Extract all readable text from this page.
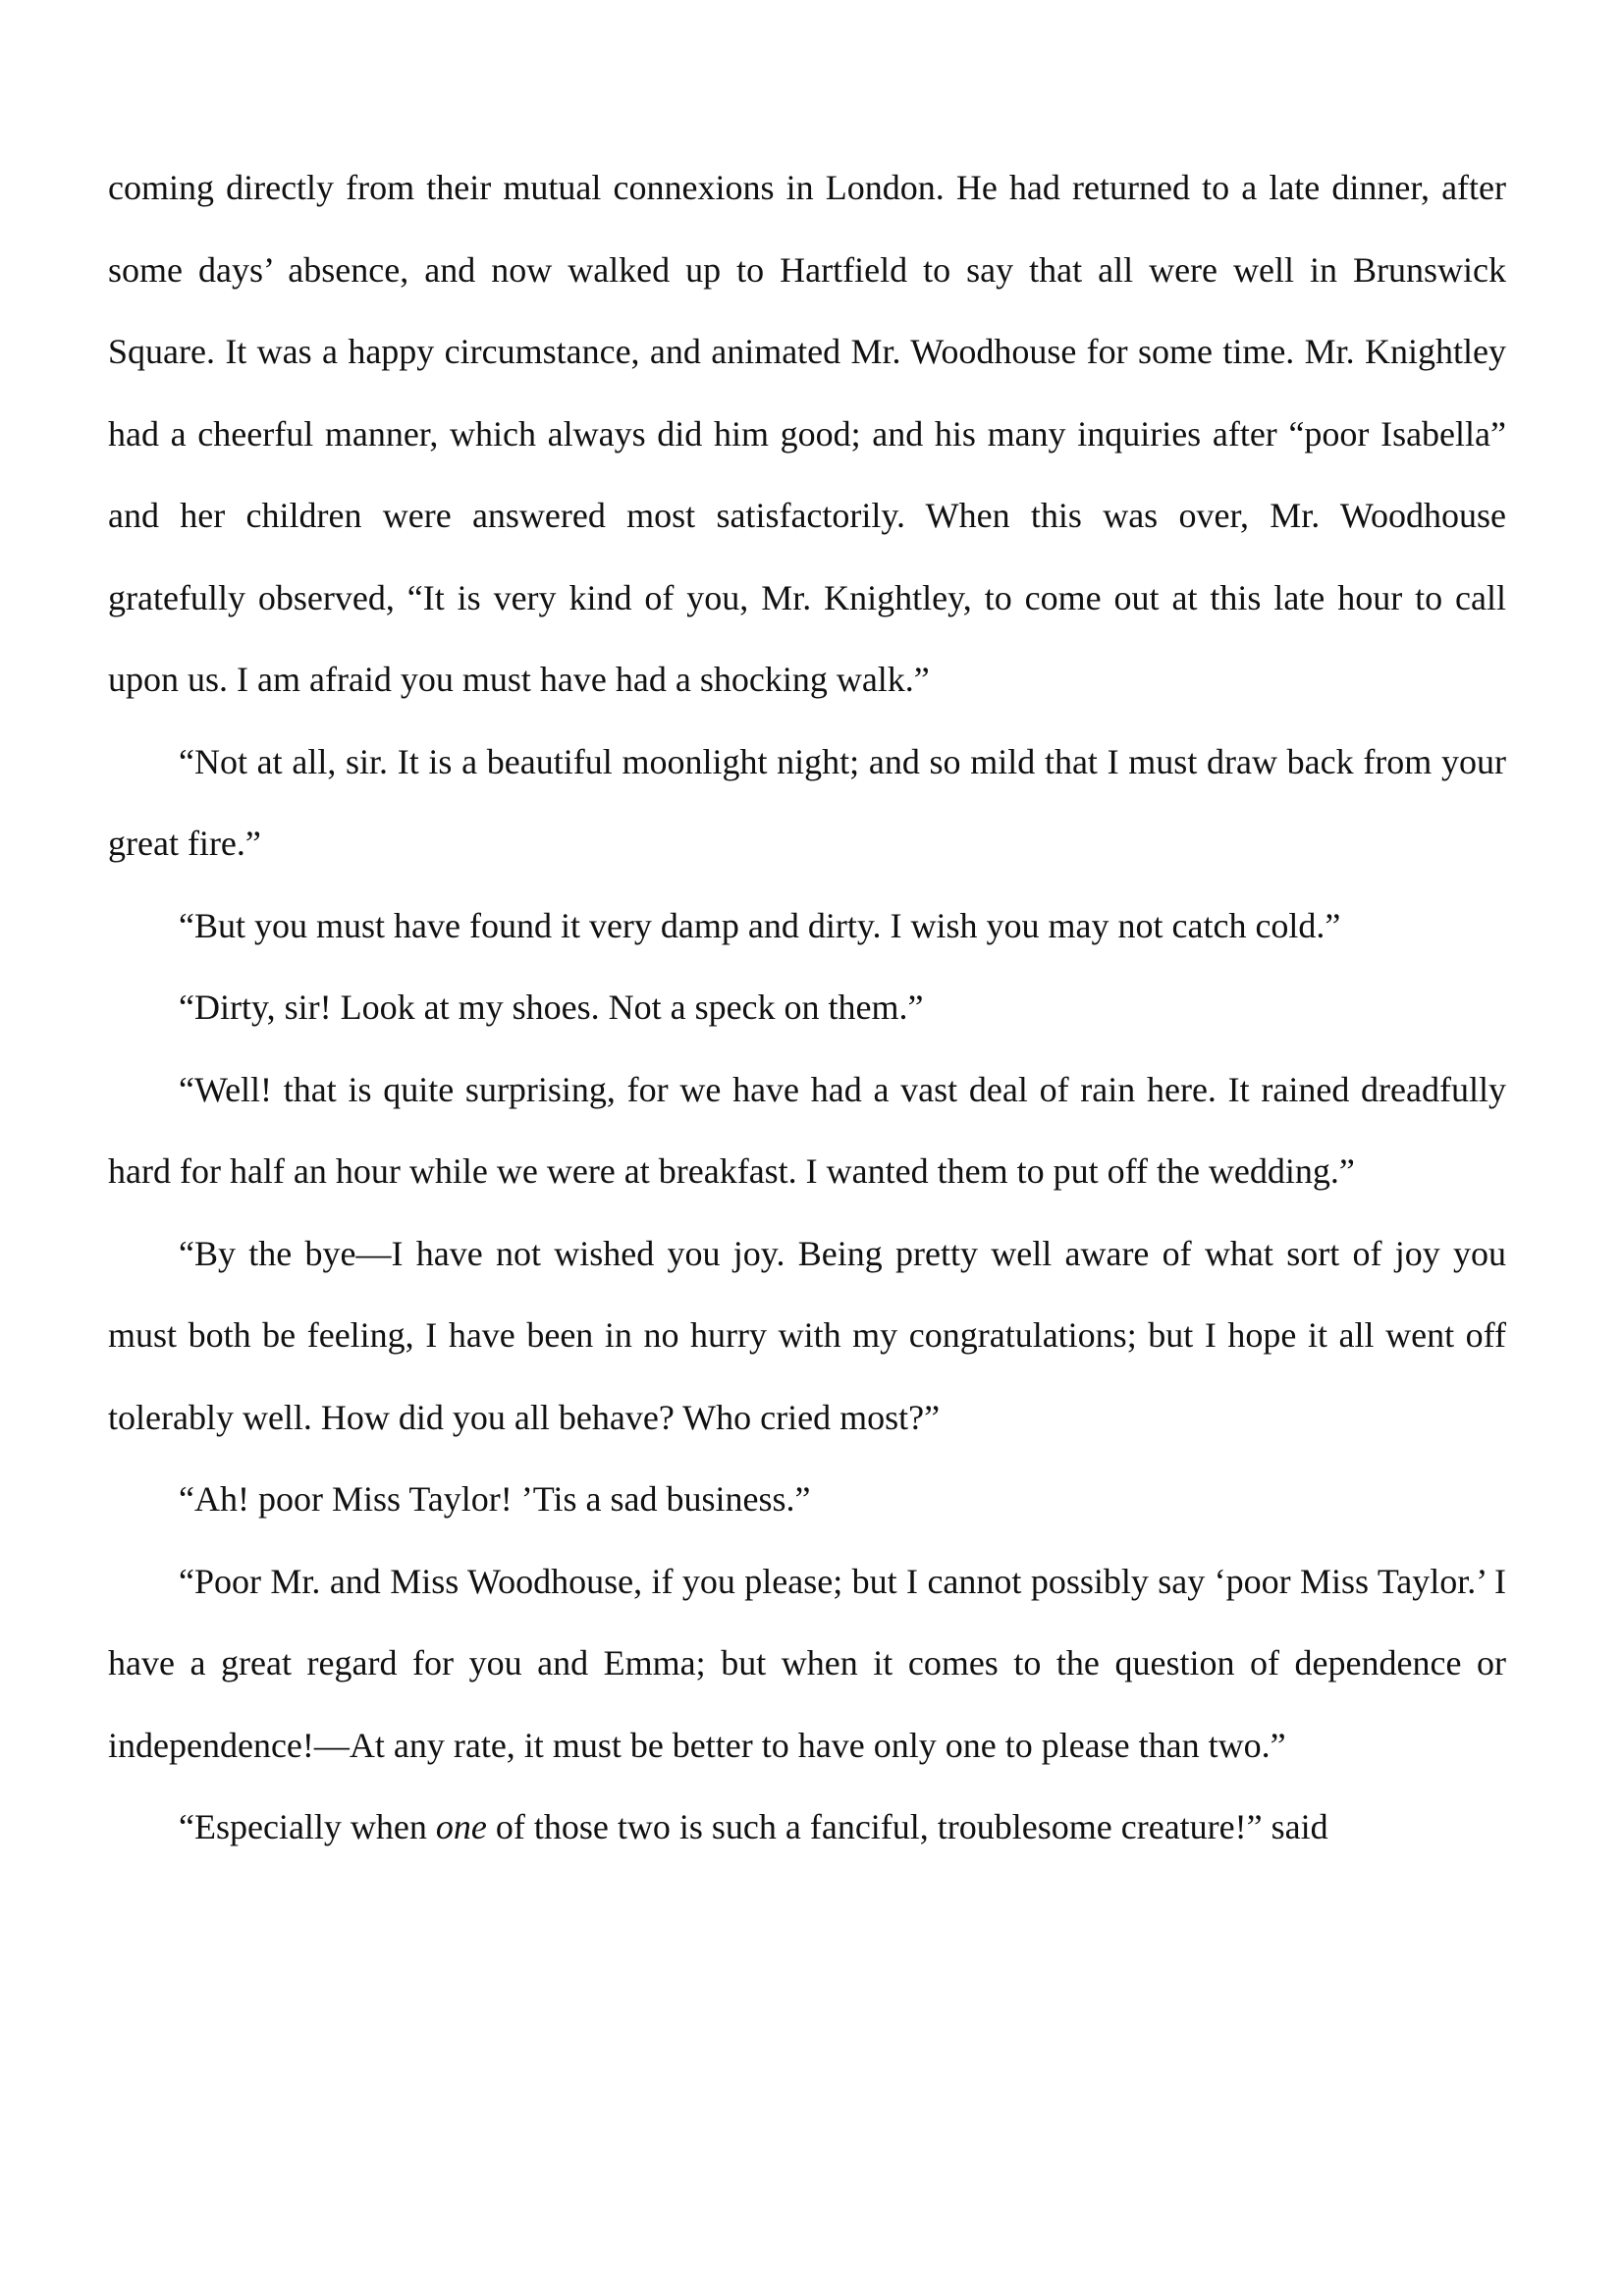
coming directly from their mutual connexions in London. He had returned to a late dinner, after some days’ absence, and now walked up to Hartfield to say that all were well in Brunswick Square. It was a happy circumstance, and animated Mr. Woodhouse for some time. Mr. Knightley had a cheerful manner, which always did him good; and his many inquiries after “poor Isabella” and her children were answered most satisfactorily. When this was over, Mr. Woodhouse gratefully observed, “It is very kind of you, Mr. Knightley, to come out at this late hour to call upon us. I am afraid you must have had a shocking walk.”

“Not at all, sir. It is a beautiful moonlight night; and so mild that I must draw back from your great fire.”

“But you must have found it very damp and dirty. I wish you may not catch cold.”

“Dirty, sir! Look at my shoes. Not a speck on them.”

“Well! that is quite surprising, for we have had a vast deal of rain here. It rained dreadfully hard for half an hour while we were at breakfast. I wanted them to put off the wedding.”

“By the bye—I have not wished you joy. Being pretty well aware of what sort of joy you must both be feeling, I have been in no hurry with my congratulations; but I hope it all went off tolerably well. How did you all behave? Who cried most?”

“Ah! poor Miss Taylor! ’Tis a sad business.”

“Poor Mr. and Miss Woodhouse, if you please; but I cannot possibly say ‘poor Miss Taylor.’ I have a great regard for you and Emma; but when it comes to the question of dependence or independence!—At any rate, it must be better to have only one to please than two.”

“Especially when one of those two is such a fanciful, troublesome creature!” said
